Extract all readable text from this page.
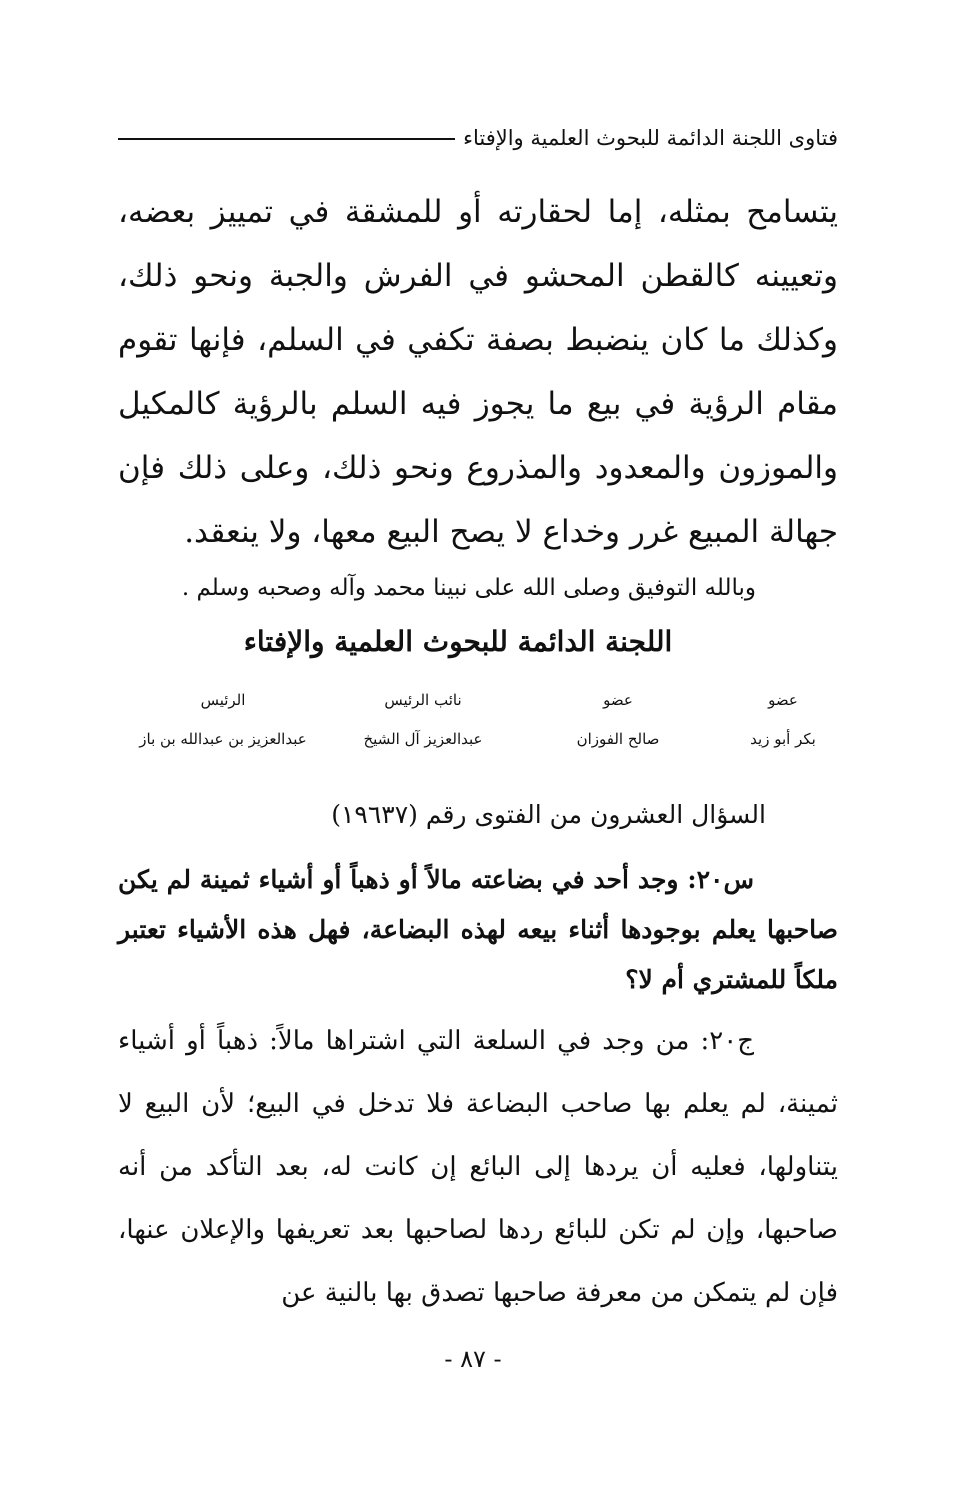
فتاوى اللجنة الدائمة للبحوث العلمية والإفتاء
يتسامح بمثله، إما لحقارته أو للمشقة في تمييز بعضه، وتعيينه كالقطن المحشو في الفرش والجبة ونحو ذلك، وكذلك ما كان ينضبط بصفة تكفي في السلم، فإنها تقوم مقام الرؤية في بيع ما يجوز فيه السلم بالرؤية كالمكيل والموزون والمعدود والمذروع ونحو ذلك، وعلى ذلك فإن جهالة المبيع غرر وخداع لا يصح البيع معها، ولا ينعقد.
وبالله التوفيق وصلى الله على نبينا محمد وآله وصحبه وسلم .
اللجنة الدائمة للبحوث العلمية والإفتاء
عضو
بكر أبو زيد
عضو
صالح الفوزان
نائب الرئيس
عبدالعزيز آل الشيخ
الرئيس
عبدالعزيز بن عبدالله بن باز
السؤال العشرون من الفتوى رقم (١٩٦٣٧)
س٢٠: وجد أحد في بضاعته مالاً أو ذهباً أو أشياء ثمينة لم يكن صاحبها يعلم بوجودها أثناء بيعه لهذه البضاعة، فهل هذه الأشياء تعتبر ملكاً للمشتري أم لا؟
ج٢٠: من وجد في السلعة التي اشتراها مالاً: ذهباً أو أشياء ثمينة، لم يعلم بها صاحب البضاعة فلا تدخل في البيع؛ لأن البيع لا يتناولها، فعليه أن يردها إلى البائع إن كانت له، بعد التأكد من أنه صاحبها، وإن لم تكن للبائع ردها لصاحبها بعد تعريفها والإعلان عنها، فإن لم يتمكن من معرفة صاحبها تصدق بها بالنية عن
- ٨٧ -
